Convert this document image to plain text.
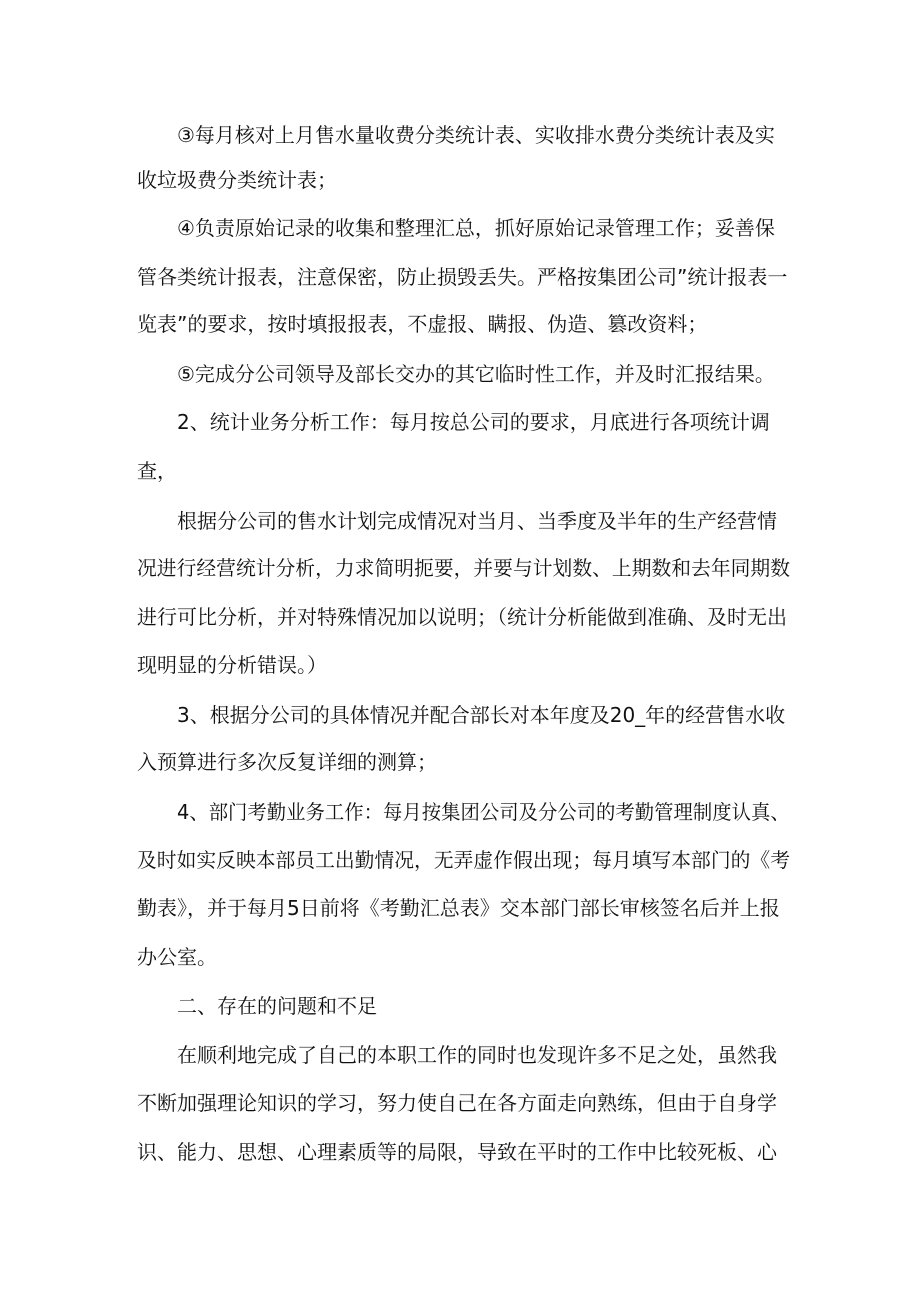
③每月核对上月售水量收费分类统计表、实收排水费分类统计表及实
收垃圾费分类统计表；
④负责原始记录的收集和整理汇总，抓好原始记录管理工作；妥善保
管各类统计报表，注意保密，防止损毁丢失。严格按集团公司”统计报表一
览表”的要求，按时填报报表，不虚报、瞒报、伪造、篡改资料；
⑤完成分公司领导及部长交办的其它临时性工作，并及时汇报结果。
2、统计业务分析工作：每月按总公司的要求，月底进行各项统计调
查，
根据分公司的售水计划完成情况对当月、当季度及半年的生产经营情
况进行经营统计分析，力求简明扼要，并要与计划数、上期数和去年同期数
进行可比分析，并对特殊情况加以说明；（统计分析能做到准确、及时无出
现明显的分析错误。）
3、根据分公司的具体情况并配合部长对本年度及20_年的经营售水收
入预算进行多次反复详细的测算；
4、部门考勤业务工作：每月按集团公司及分公司的考勤管理制度认真、
及时如实反映本部员工出勤情况，无弄虚作假出现；每月填写本部门的《考
勤表》，并于每月5日前将《考勤汇总表》交本部门部长审核签名后并上报
办公室。
二、存在的问题和不足
在顺利地完成了自己的本职工作的同时也发现许多不足之处，虽然我
不断加强理论知识的学习，努力使自己在各方面走向熟练，但由于自身学
识、能力、思想、心理素质等的局限，导致在平时的工作中比较死板、心
